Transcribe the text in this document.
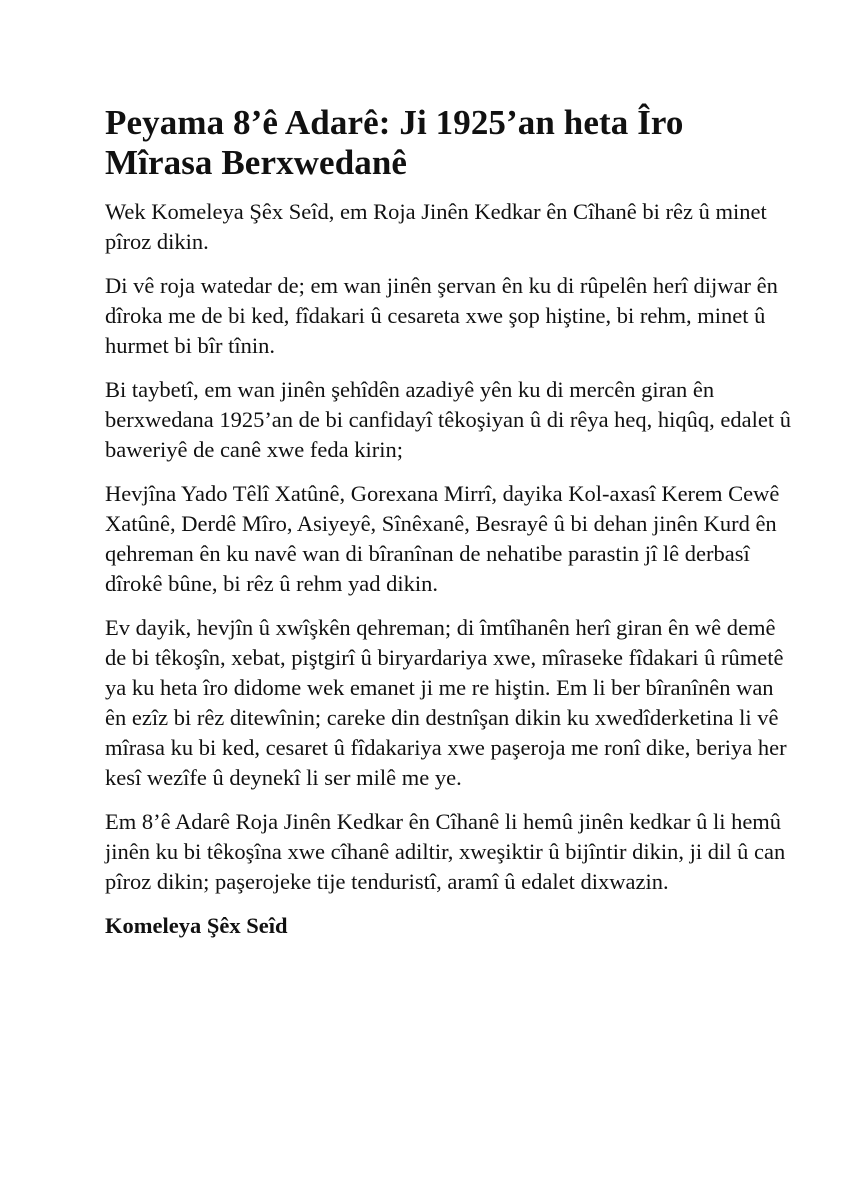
Peyama 8’ê Adarê: Ji 1925’an heta Îro Mîrasa Berxwedanê

Wek Komeleya Şêx Seîd, em Roja Jinên Kedkar ên Cîhanê bi rêz û minet pîroz dikin.

Di vê roja watedar de; em wan jinên şervan ên ku di rûpelên herî dijwar ên dîroka me de bi ked, fîdakari û cesareta xwe şop hiştine, bi rehm, minet û hurmet bi bîr tînin.

Bi taybetî, em wan jinên şehîdên azadiyê yên ku di mercên giran ên berxwedana 1925’an de bi canfidayî têkoşiyan û di rêya heq, hiqûq, edalet û baweriyê de canê xwe feda kirin;

Hevjîna Yado Têlî Xatûnê, Gorexana Mirrî, dayika Kol-axasî Kerem Cewê Xatûnê, Derdê Mîro, Asiyeyê, Sînêxanê, Besrayê û bi dehan jinên Kurd ên qehreman ên ku navê wan di bîranînan de nehatibe parastin jî lê derbasî dîrokê bûne, bi rêz û rehm yad dikin.

Ev dayik, hevjîn û xwîşkên qehreman; di îmtîhanên herî giran ên wê demê de bi têkoşîn, xebat, piştgirî û biryardariya xwe, mîraseke fîdakari û rûmetê ya ku heta îro didome wek emanet ji me re hiştin. Em li ber bîranînên wan ên ezîz bi rêz ditewînin; careke din destnîşan dikin ku xwedîderketina li vê mîrasa ku bi ked, cesaret û fîdakariya xwe paşeroja me ronî dike, beriya her kesî wezîfe û deynekî li ser milê me ye.

Em 8’ê Adarê Roja Jinên Kedkar ên Cîhanê li hemû jinên kedkar û li hemû jinên ku bi têkoşîna xwe cîhanê adiltir, xweşiktir û bijîntir dikin, ji dil û can pîroz dikin; paşerojeke tije tenduristî, aramî û edalet dixwazin.

Komeleya Şêx Seîd
